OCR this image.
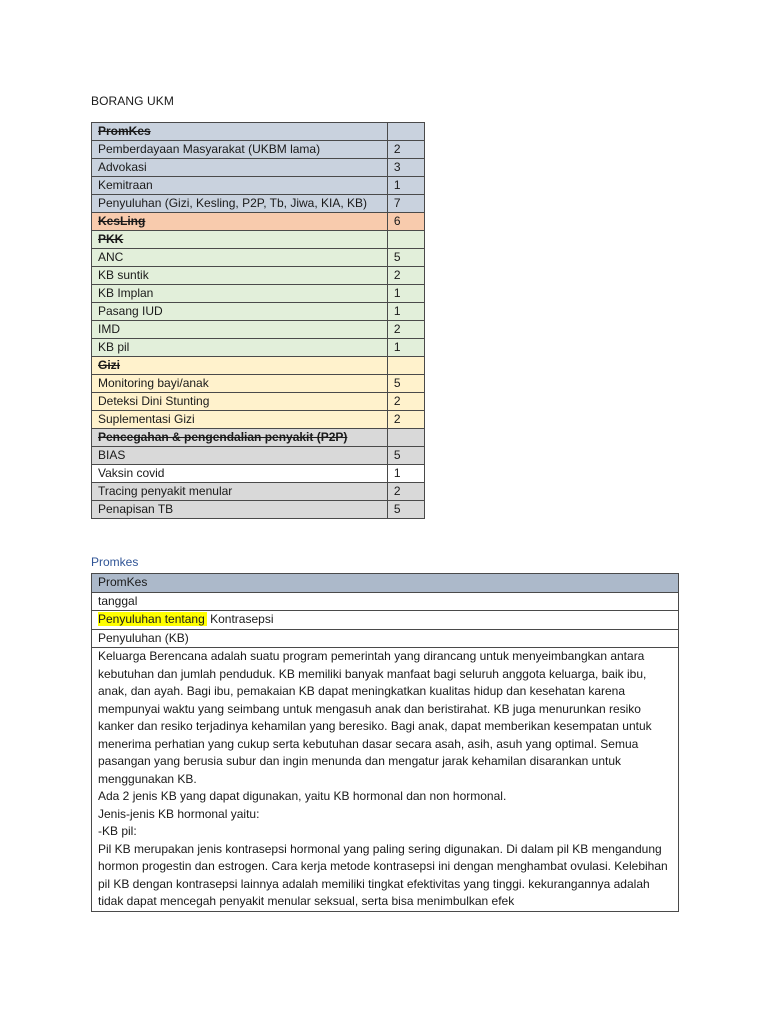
BORANG UKM
PromKes	
Pemberdayaan Masyarakat (UKBM lama)	2
Advokasi	3
Kemitraan	1
Penyuluhan (Gizi, Kesling, P2P, Tb, Jiwa, KIA, KB)	7
KesLing	6
PKK	
ANC	5
KB suntik	2
KB Implan	1
Pasang IUD	1
IMD	2
KB pil	1
Gizi	
Monitoring bayi/anak	5
Deteksi Dini Stunting	2
Suplementasi Gizi	2
Pencegahan & pengendalian penyakit (P2P)	
BIAS	5
Vaksin covid	1
Tracing penyakit menular	2
Penapisan TB	5
Promkes
PromKes
tanggal
Penyuluhan tentang Kontrasepsi
Penyuluhan (KB)

Keluarga Berencana adalah suatu program pemerintah yang dirancang untuk menyeimbangkan antara kebutuhan dan jumlah penduduk. KB memiliki banyak manfaat bagi seluruh anggota keluarga, baik ibu, anak, dan ayah. Bagi ibu, pemakaian KB dapat meningkatkan kualitas hidup dan kesehatan karena mempunyai waktu yang seimbang untuk mengasuh anak dan beristirahat. KB juga menurunkan resiko kanker dan resiko terjadinya kehamilan yang beresiko. Bagi anak, dapat memberikan kesempatan untuk menerima perhatian yang cukup serta kebutuhan dasar secara asah, asih, asuh yang optimal. Semua pasangan yang berusia subur dan ingin menunda dan mengatur jarak kehamilan disarankan untuk menggunakan KB.
Ada 2 jenis KB yang dapat digunakan, yaitu KB hormonal dan non hormonal.
Jenis-jenis KB hormonal yaitu:
-KB pil:
Pil KB merupakan jenis kontrasepsi hormonal yang paling sering digunakan. Di dalam pil KB mengandung hormon progestin dan estrogen. Cara kerja metode kontrasepsi ini dengan menghambat ovulasi. Kelebihan pil KB dengan kontrasepsi lainnya adalah memiliki tingkat efektivitas yang tinggi. kekurangannya adalah tidak dapat mencegah penyakit menular seksual, serta bisa menimbulkan efek
